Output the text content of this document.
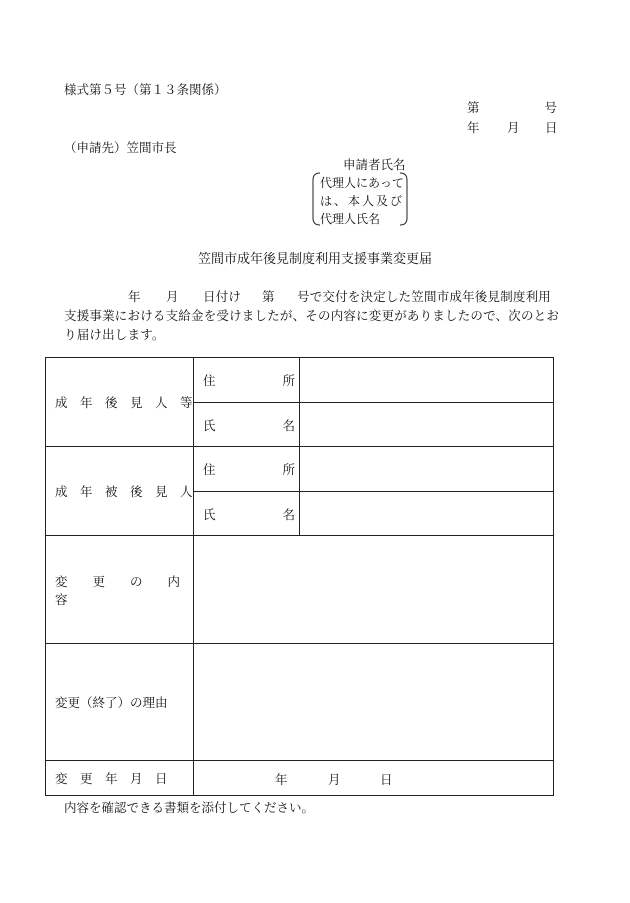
様式第５号（第１３条関係）
第	号
年 月 日
（申請先）笠間市長
申請者氏名
代理人にあって
は、本人及び
代理人氏名
笠間市成年後見制度利用支援事業変更届
年 月 日付け 第 号で交付を決定した笠間市成年後見制度利用
支援事業における支給金を受けましたが、その内容に変更がありましたので、次のとお
り届け出します。
成　年　後　見　人　等	住 所	

	氏 名	

成　年　被　後　見　人	住 所	

	氏 名	

変　　更　　の　　内　　容		
変更（終了）の理由		
変　更　年　月　日	年 月 日	
内容を確認できる書類を添付してください。
